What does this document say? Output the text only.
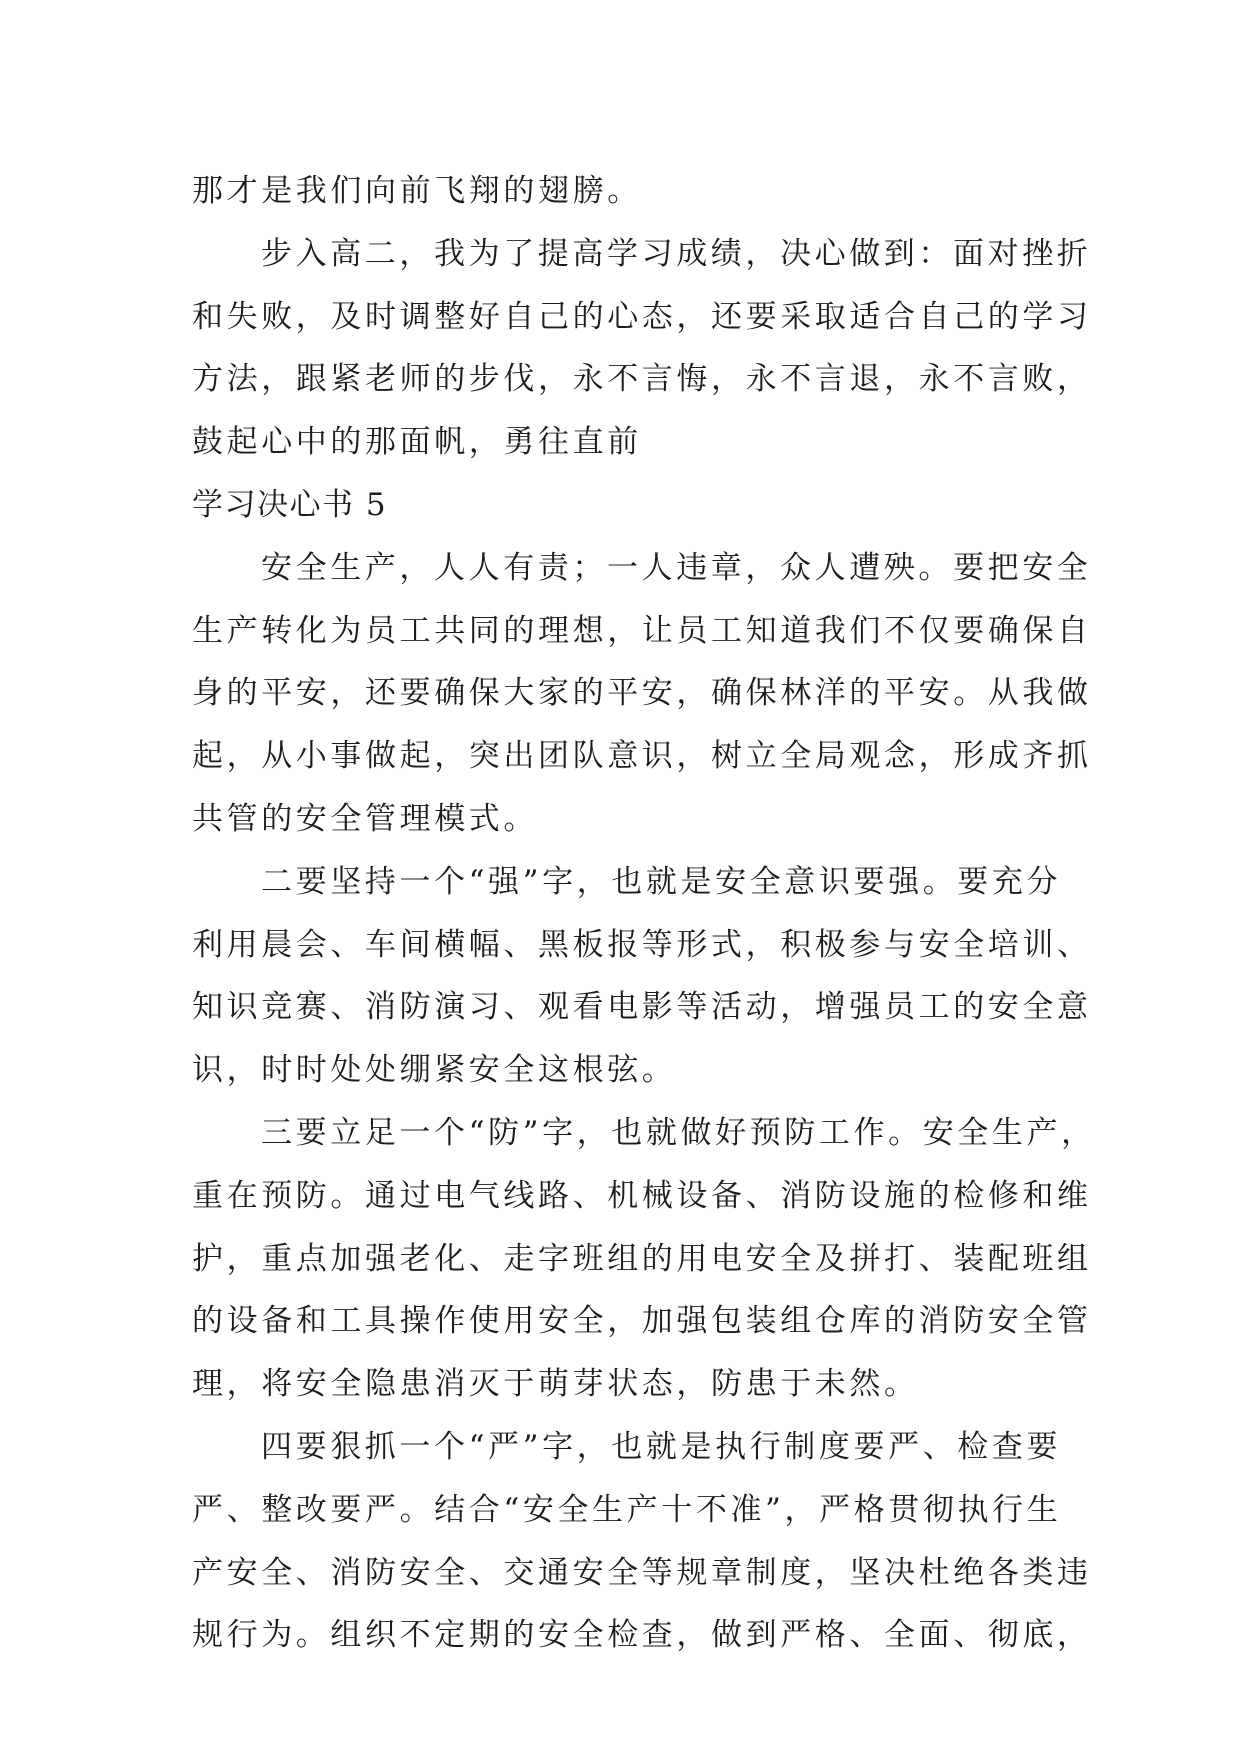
那才是我们向前飞翔的翅膀。
步入高二，我为了提高学习成绩，决心做到：面对挫折
和失败，及时调整好自己的心态，还要采取适合自己的学习
方法，跟紧老师的步伐，永不言悔，永不言退，永不言败，
鼓起心中的那面帆，勇往直前
学习决心书 5
安全生产，人人有责；一人违章，众人遭殃。要把安全
生产转化为员工共同的理想，让员工知道我们不仅要确保自
身的平安，还要确保大家的平安，确保林洋的平安。从我做
起，从小事做起，突出团队意识，树立全局观念，形成齐抓
共管的安全管理模式。
二要坚持一个“强”字，也就是安全意识要强。要充分
利用晨会、车间横幅、黑板报等形式，积极参与安全培训、
知识竞赛、消防演习、观看电影等活动，增强员工的安全意
识，时时处处绷紧安全这根弦。
三要立足一个“防”字，也就做好预防工作。安全生产，
重在预防。通过电气线路、机械设备、消防设施的检修和维
护，重点加强老化、走字班组的用电安全及拼打、装配班组
的设备和工具操作使用安全，加强包装组仓库的消防安全管
理，将安全隐患消灭于萌芽状态，防患于未然。
四要狠抓一个“严”字，也就是执行制度要严、检查要
严、整改要严。结合“安全生产十不准”，严格贯彻执行生
产安全、消防安全、交通安全等规章制度，坚决杜绝各类违
规行为。组织不定期的安全检查，做到严格、全面、彻底，
